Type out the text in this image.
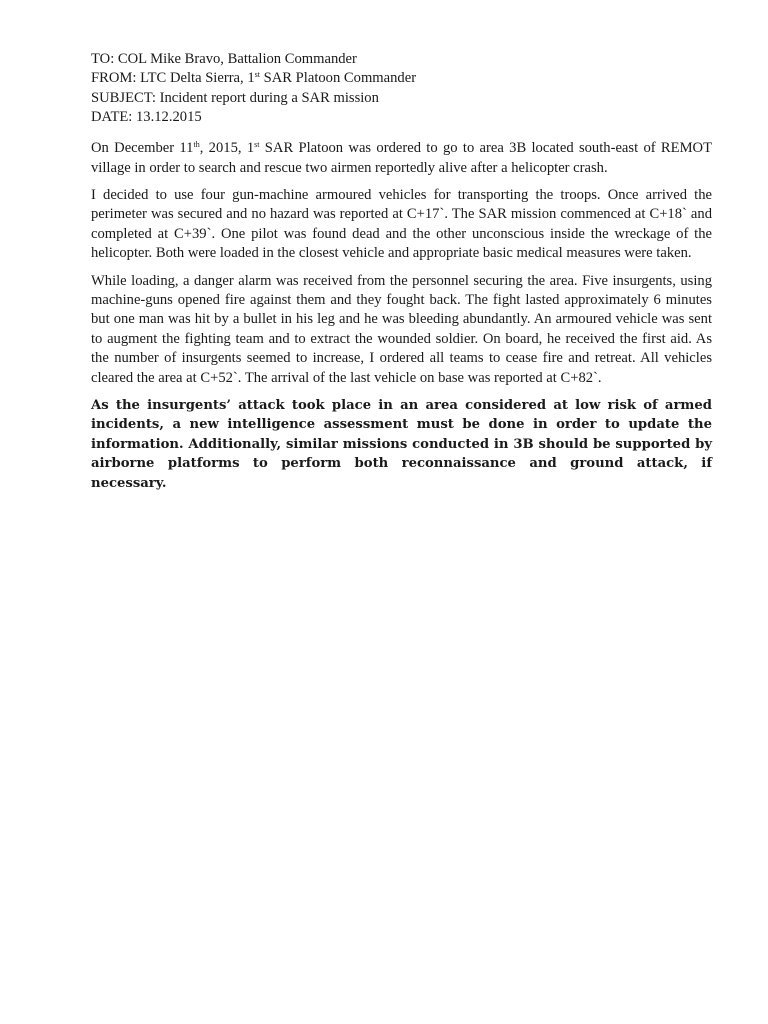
TO: COL Mike Bravo, Battalion Commander
FROM: LTC Delta Sierra, 1st SAR Platoon Commander
SUBJECT: Incident report during a SAR mission
DATE: 13.12.2015

On December 11th, 2015, 1st SAR Platoon was ordered to go to area 3B located south-east of REMOT village in order to search and rescue two airmen reportedly alive after a helicopter crash.

I decided to use four gun-machine armoured vehicles for transporting the troops. Once arrived the perimeter was secured and no hazard was reported at C+17`. The SAR mission commenced at C+18` and completed at C+39`. One pilot was found dead and the other unconscious inside the wreckage of the helicopter. Both were loaded in the closest vehicle and appropriate basic medical measures were taken.

While loading, a danger alarm was received from the personnel securing the area. Five insurgents, using machine-guns opened fire against them and they fought back. The fight lasted approximately 6 minutes but one man was hit by a bullet in his leg and he was bleeding abundantly. An armoured vehicle was sent to augment the fighting team and to extract the wounded soldier. On board, he received the first aid. As the number of insurgents seemed to increase, I ordered all teams to cease fire and retreat. All vehicles cleared the area at C+52`. The arrival of the last vehicle on base was reported at C+82`.

As the insurgents’ attack took place in an area considered at low risk of armed incidents, a new intelligence assessment must be done in order to update the information. Additionally, similar missions conducted in 3B should be supported by airborne platforms to perform both reconnaissance and ground attack, if necessary.
